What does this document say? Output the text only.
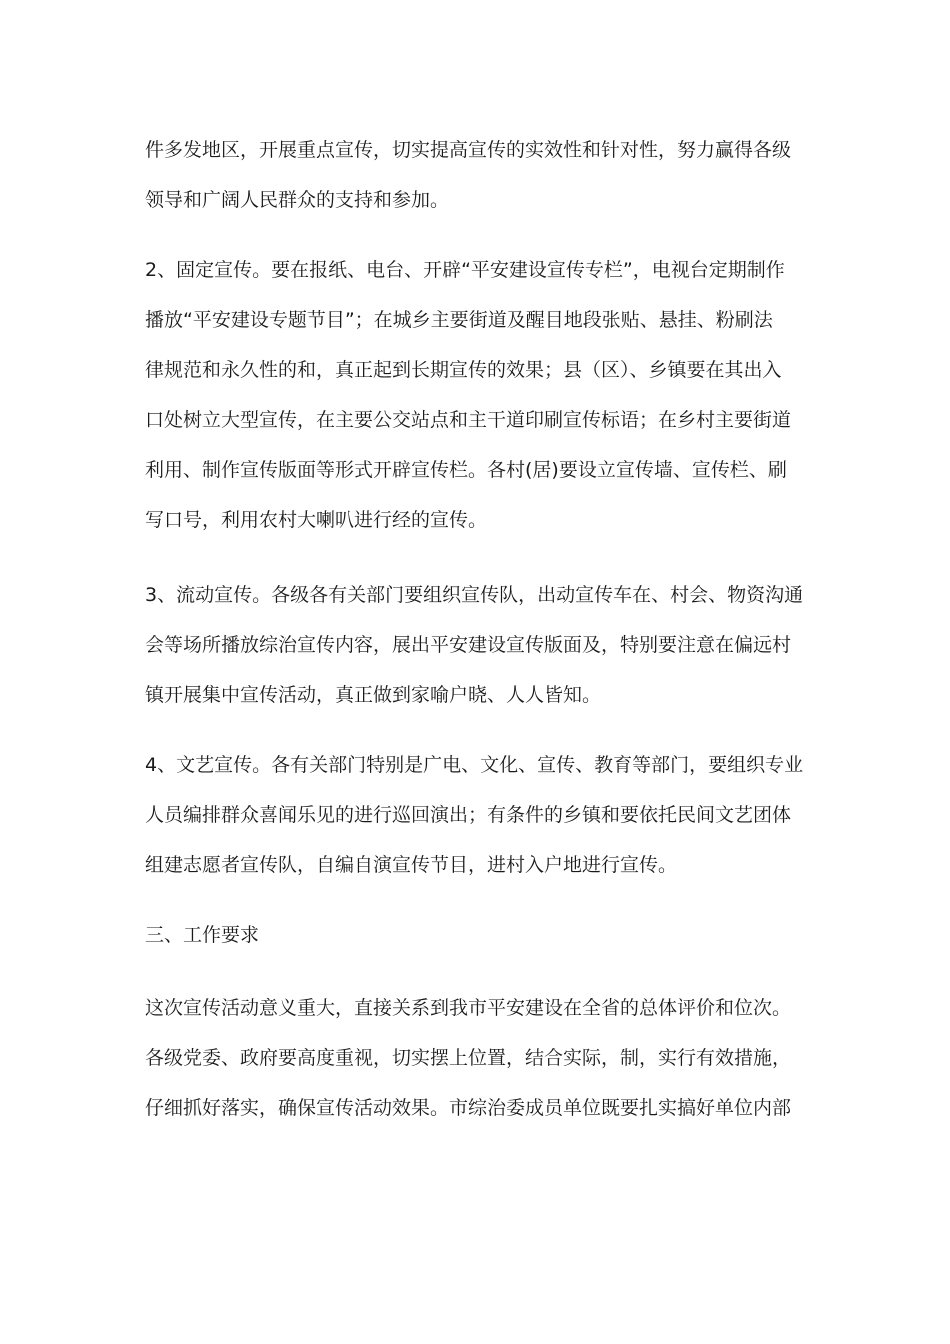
件多发地区，开展重点宣传，切实提高宣传的实效性和针对性，努力赢得各级
领导和广阔人民群众的支持和参加。

2、固定宣传。要在报纸、电台、开辟“平安建设宣传专栏”，电视台定期制作
播放“平安建设专题节目”；在城乡主要街道及醒目地段张贴、悬挂、粉刷法
律规范和永久性的和，真正起到长期宣传的效果；县（区）、乡镇要在其出入
口处树立大型宣传，在主要公交站点和主干道印刷宣传标语；在乡村主要街道
利用、制作宣传版面等形式开辟宣传栏。各村(居)要设立宣传墙、宣传栏、刷
写口号，利用农村大喇叭进行经的宣传。

3、流动宣传。各级各有关部门要组织宣传队，出动宣传车在、村会、物资沟通
会等场所播放综治宣传内容，展出平安建设宣传版面及，特别要注意在偏远村
镇开展集中宣传活动，真正做到家喻户晓、人人皆知。

4、文艺宣传。各有关部门特别是广电、文化、宣传、教育等部门，要组织专业
人员编排群众喜闻乐见的进行巡回演出；有条件的乡镇和要依托民间文艺团体
组建志愿者宣传队，自编自演宣传节目，进村入户地进行宣传。

三、工作要求

这次宣传活动意义重大，直接关系到我市平安建设在全省的总体评价和位次。
各级党委、政府要高度重视，切实摆上位置，结合实际，制，实行有效措施，
仔细抓好落实，确保宣传活动效果。市综治委成员单位既要扎实搞好单位内部
